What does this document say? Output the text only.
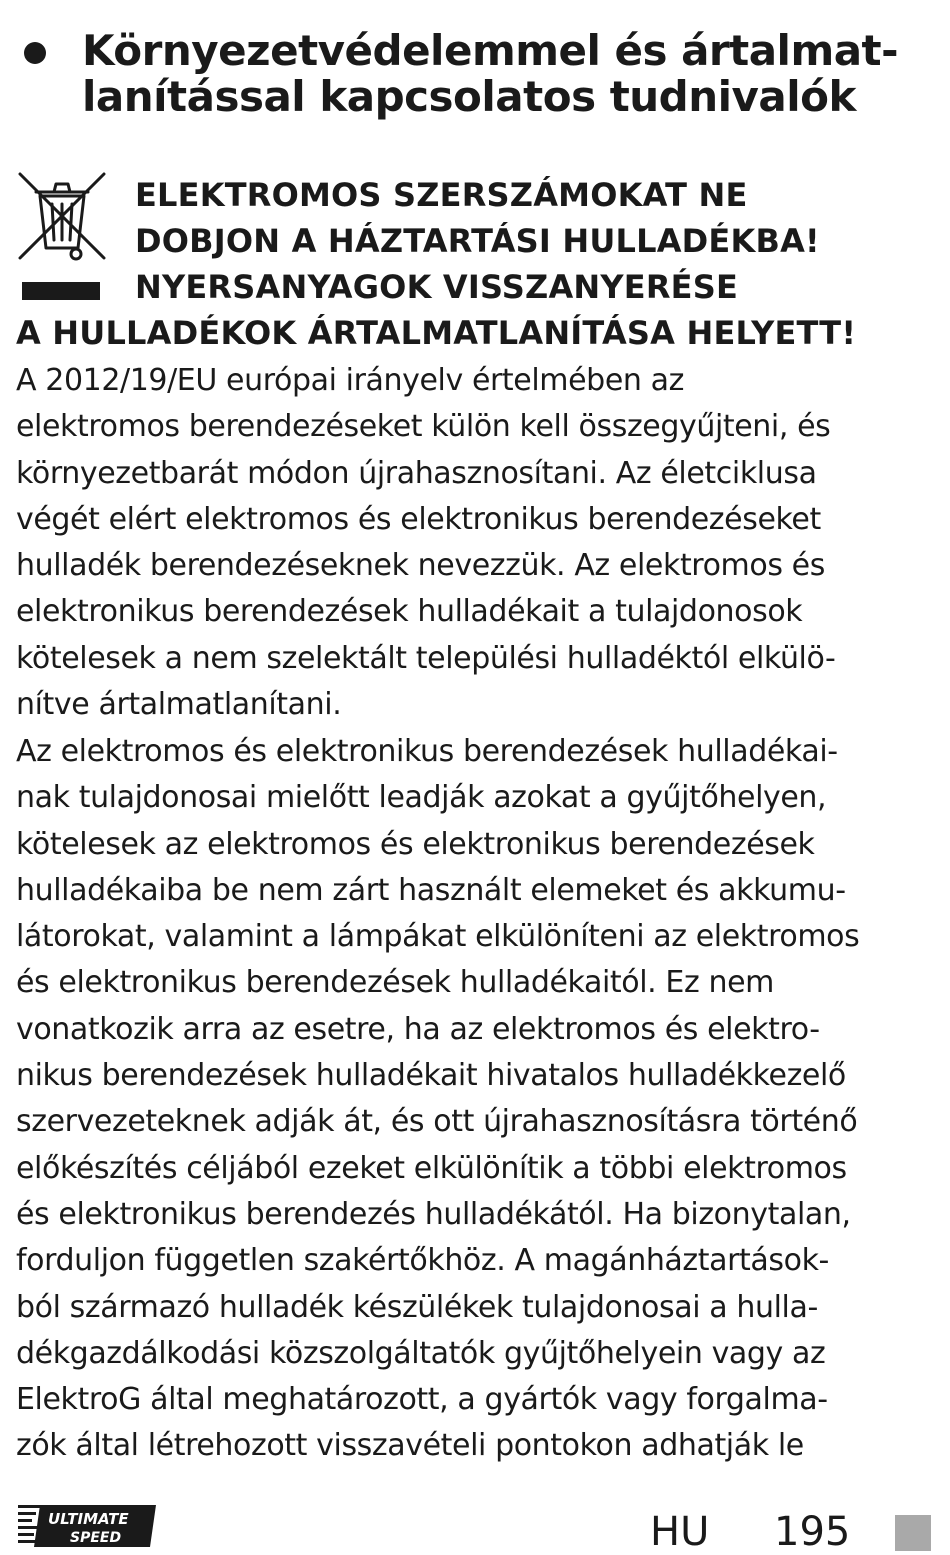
Környezetvédelemmel és ártalmat-
lanítással kapcsolatos tudnivalók
ELEKTROMOS SZERSZÁMOKAT NE
DOBJON A HÁZTARTÁSI HULLADÉKBA!
NYERSANYAGOK VISSZANYERÉSE
A HULLADÉKOK ÁRTALMATLANÍTÁSA HELYETT!
A 2012/19/EU európai irányelv értelmében az
elektromos berendezéseket külön kell összegyűjteni, és
környezetbarát módon újrahasznosítani. Az életciklusa
végét elért elektromos és elektronikus berendezéseket
hulladék berendezéseknek nevezzük. Az elektromos és
elektronikus berendezések hulladékait a tulajdonosok
kötelesek a nem szelektált települési hulladéktól elkülö-
nítve ártalmatlanítani.
Az elektromos és elektronikus berendezések hulladékai-
nak tulajdonosai mielőtt leadják azokat a gyűjtőhelyen,
kötelesek az elektromos és elektronikus berendezések
hulladékaiba be nem zárt használt elemeket és akkumu-
látorokat, valamint a lámpákat elkülöníteni az elektromos
és elektronikus berendezések hulladékaitól. Ez nem
vonatkozik arra az esetre, ha az elektromos és elektro-
nikus berendezések hulladékait hivatalos hulladékkezelő
szervezeteknek adják át, és ott újrahasznosításra történő
előkészítés céljából ezeket elkülönítik a többi elektromos
és elektronikus berendezés hulladékától. Ha bizonytalan,
forduljon független szakértőkhöz. A magánháztartások-
ból származó hulladék készülékek tulajdonosai a hulla-
dékgazdálkodási közszolgáltatók gyűjtőhelyein vagy az
ElektroG által meghatározott, a gyártók vagy forgalma-
zók által létrehozott visszavételi pontokon adhatják le
ULTIMATE
SPEED	HU 195
